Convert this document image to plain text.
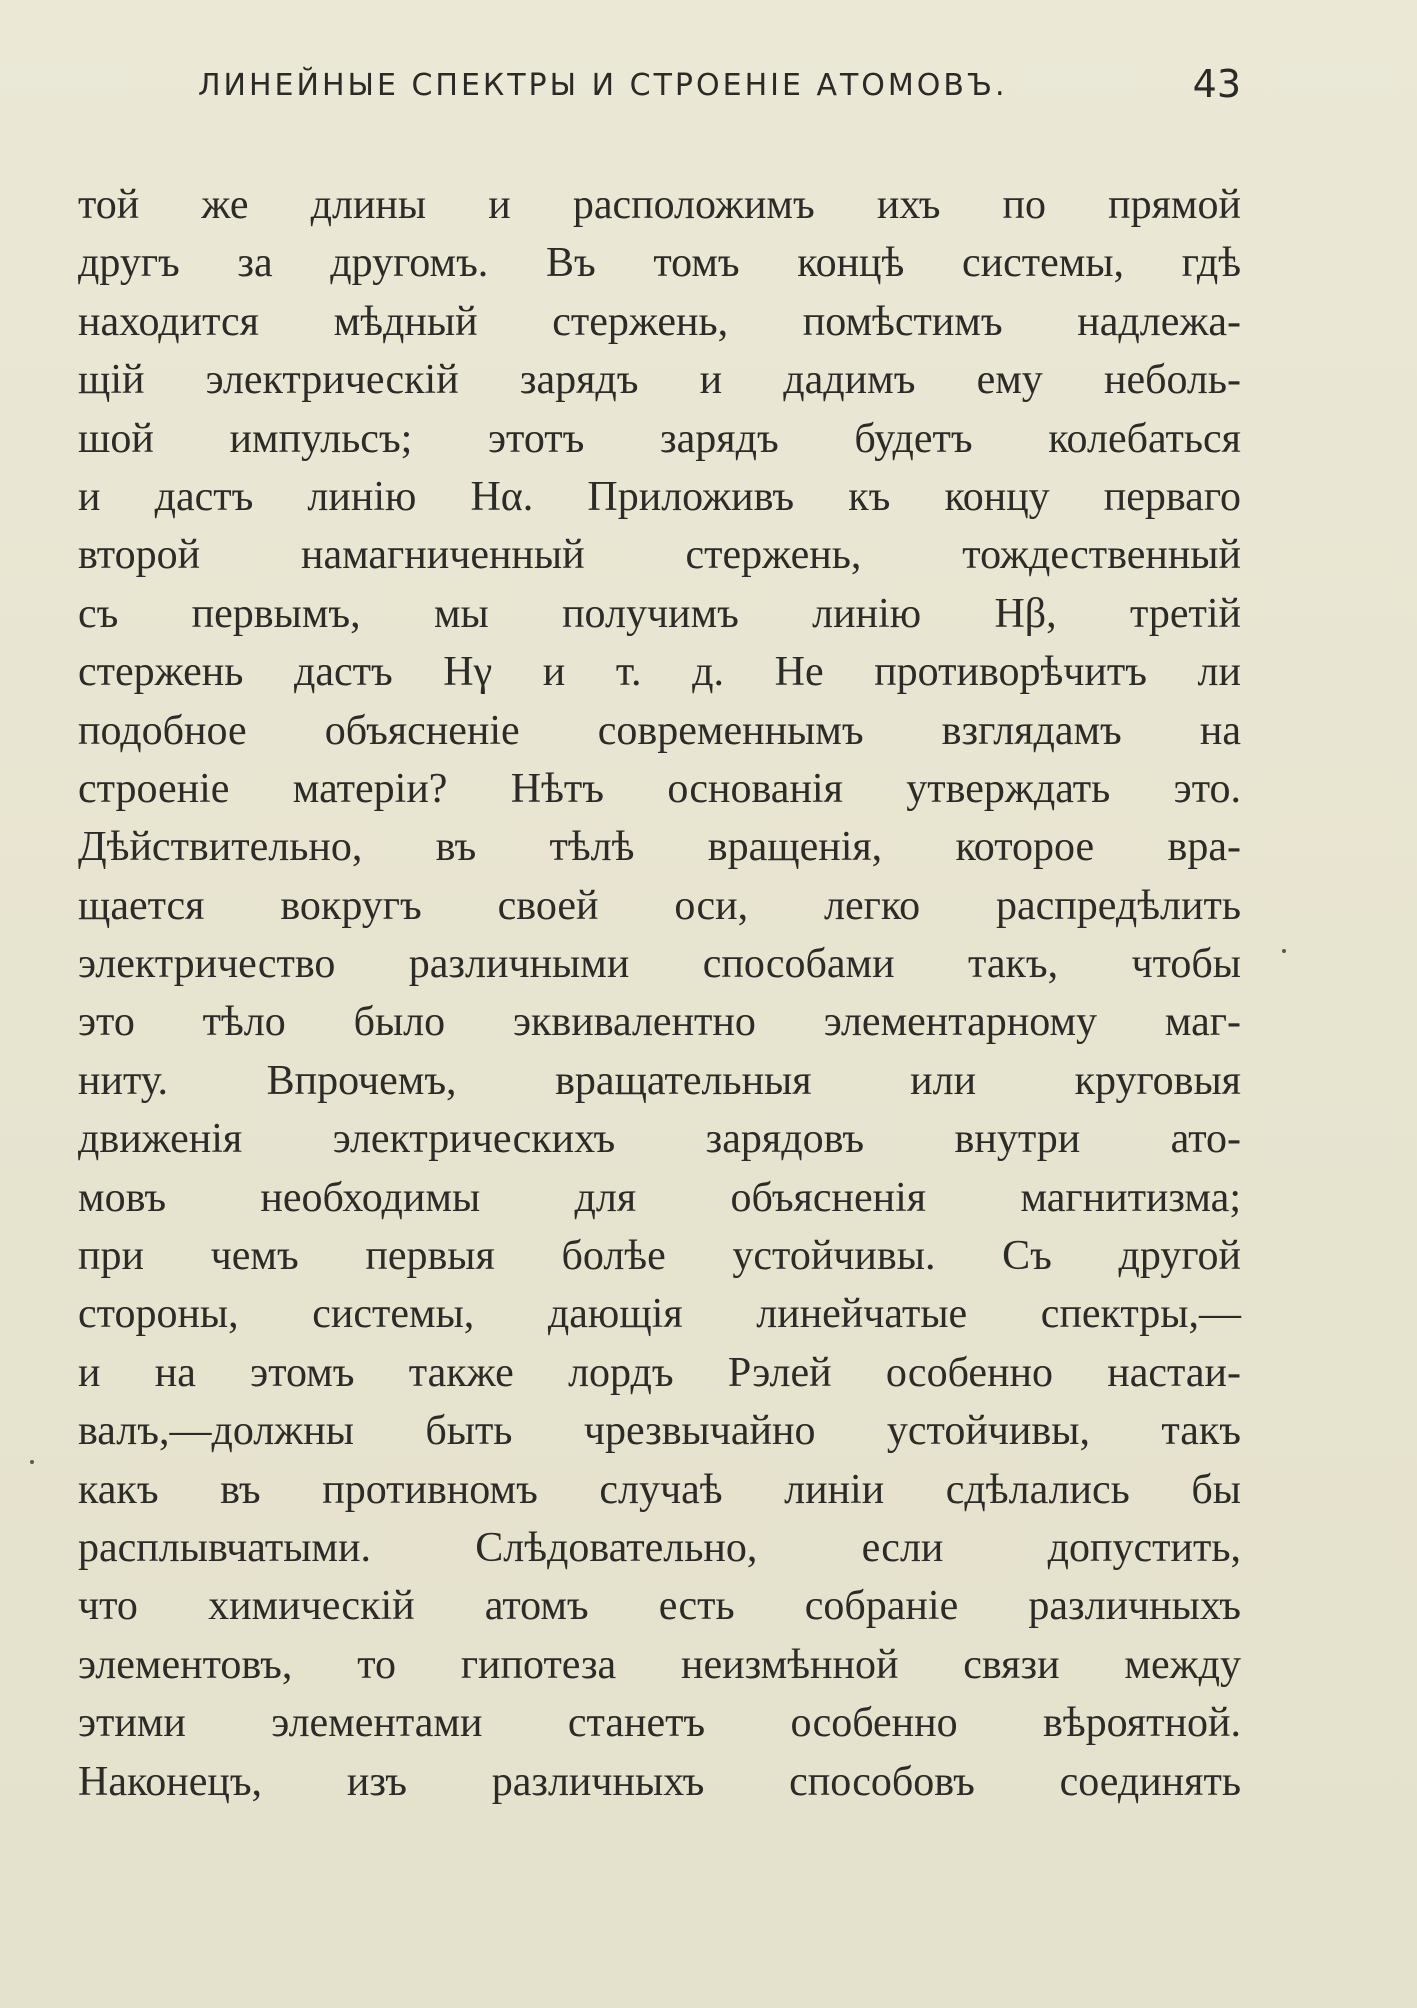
ЛИНЕЙНЫЕ СПЕКТРЫ И СТРОЕНІЕ АТОМОВЪ.	43
той же длины и расположимъ ихъ по прямой
другъ за другомъ. Въ томъ концѣ системы, гдѣ
находится мѣдный стержень, помѣстимъ надлежа-
щій электрическій зарядъ и дадимъ ему неболь-
шой импульсъ; этотъ зарядъ будетъ колебаться
и дастъ линію Hα. Приложивъ къ концу перваго
второй намагниченный стержень, тождественный
съ первымъ, мы получимъ линію Hβ, третій
стержень дастъ Hγ и т. д. Не противорѣчитъ ли
подобное объясненіе современнымъ взглядамъ на
строеніе матеріи? Нѣтъ основанія утверждать это.
Дѣйствительно, въ тѣлѣ вращенія, которое вра-
щается вокругъ своей оси, легко распредѣлить
электричество различными способами такъ, чтобы
это тѣло было эквивалентно элементарному маг-
ниту. Впрочемъ, вращательныя или круговыя
движенія электрическихъ зарядовъ внутри ато-
мовъ необходимы для объясненія магнитизма;
при чемъ первыя болѣе устойчивы. Съ другой
стороны, системы, дающія линейчатые спектры,—
и на этомъ также лордъ Рэлей особенно настаи-
валъ,—должны быть чрезвычайно устойчивы, такъ
какъ въ противномъ случаѣ линіи сдѣлались бы
расплывчатыми. Слѣдовательно, если допустить,
что химическій атомъ есть собраніе различныхъ
элементовъ, то гипотеза неизмѣнной связи между
этими элементами станетъ особенно вѣроятной.
Наконецъ, изъ различныхъ способовъ соединять
